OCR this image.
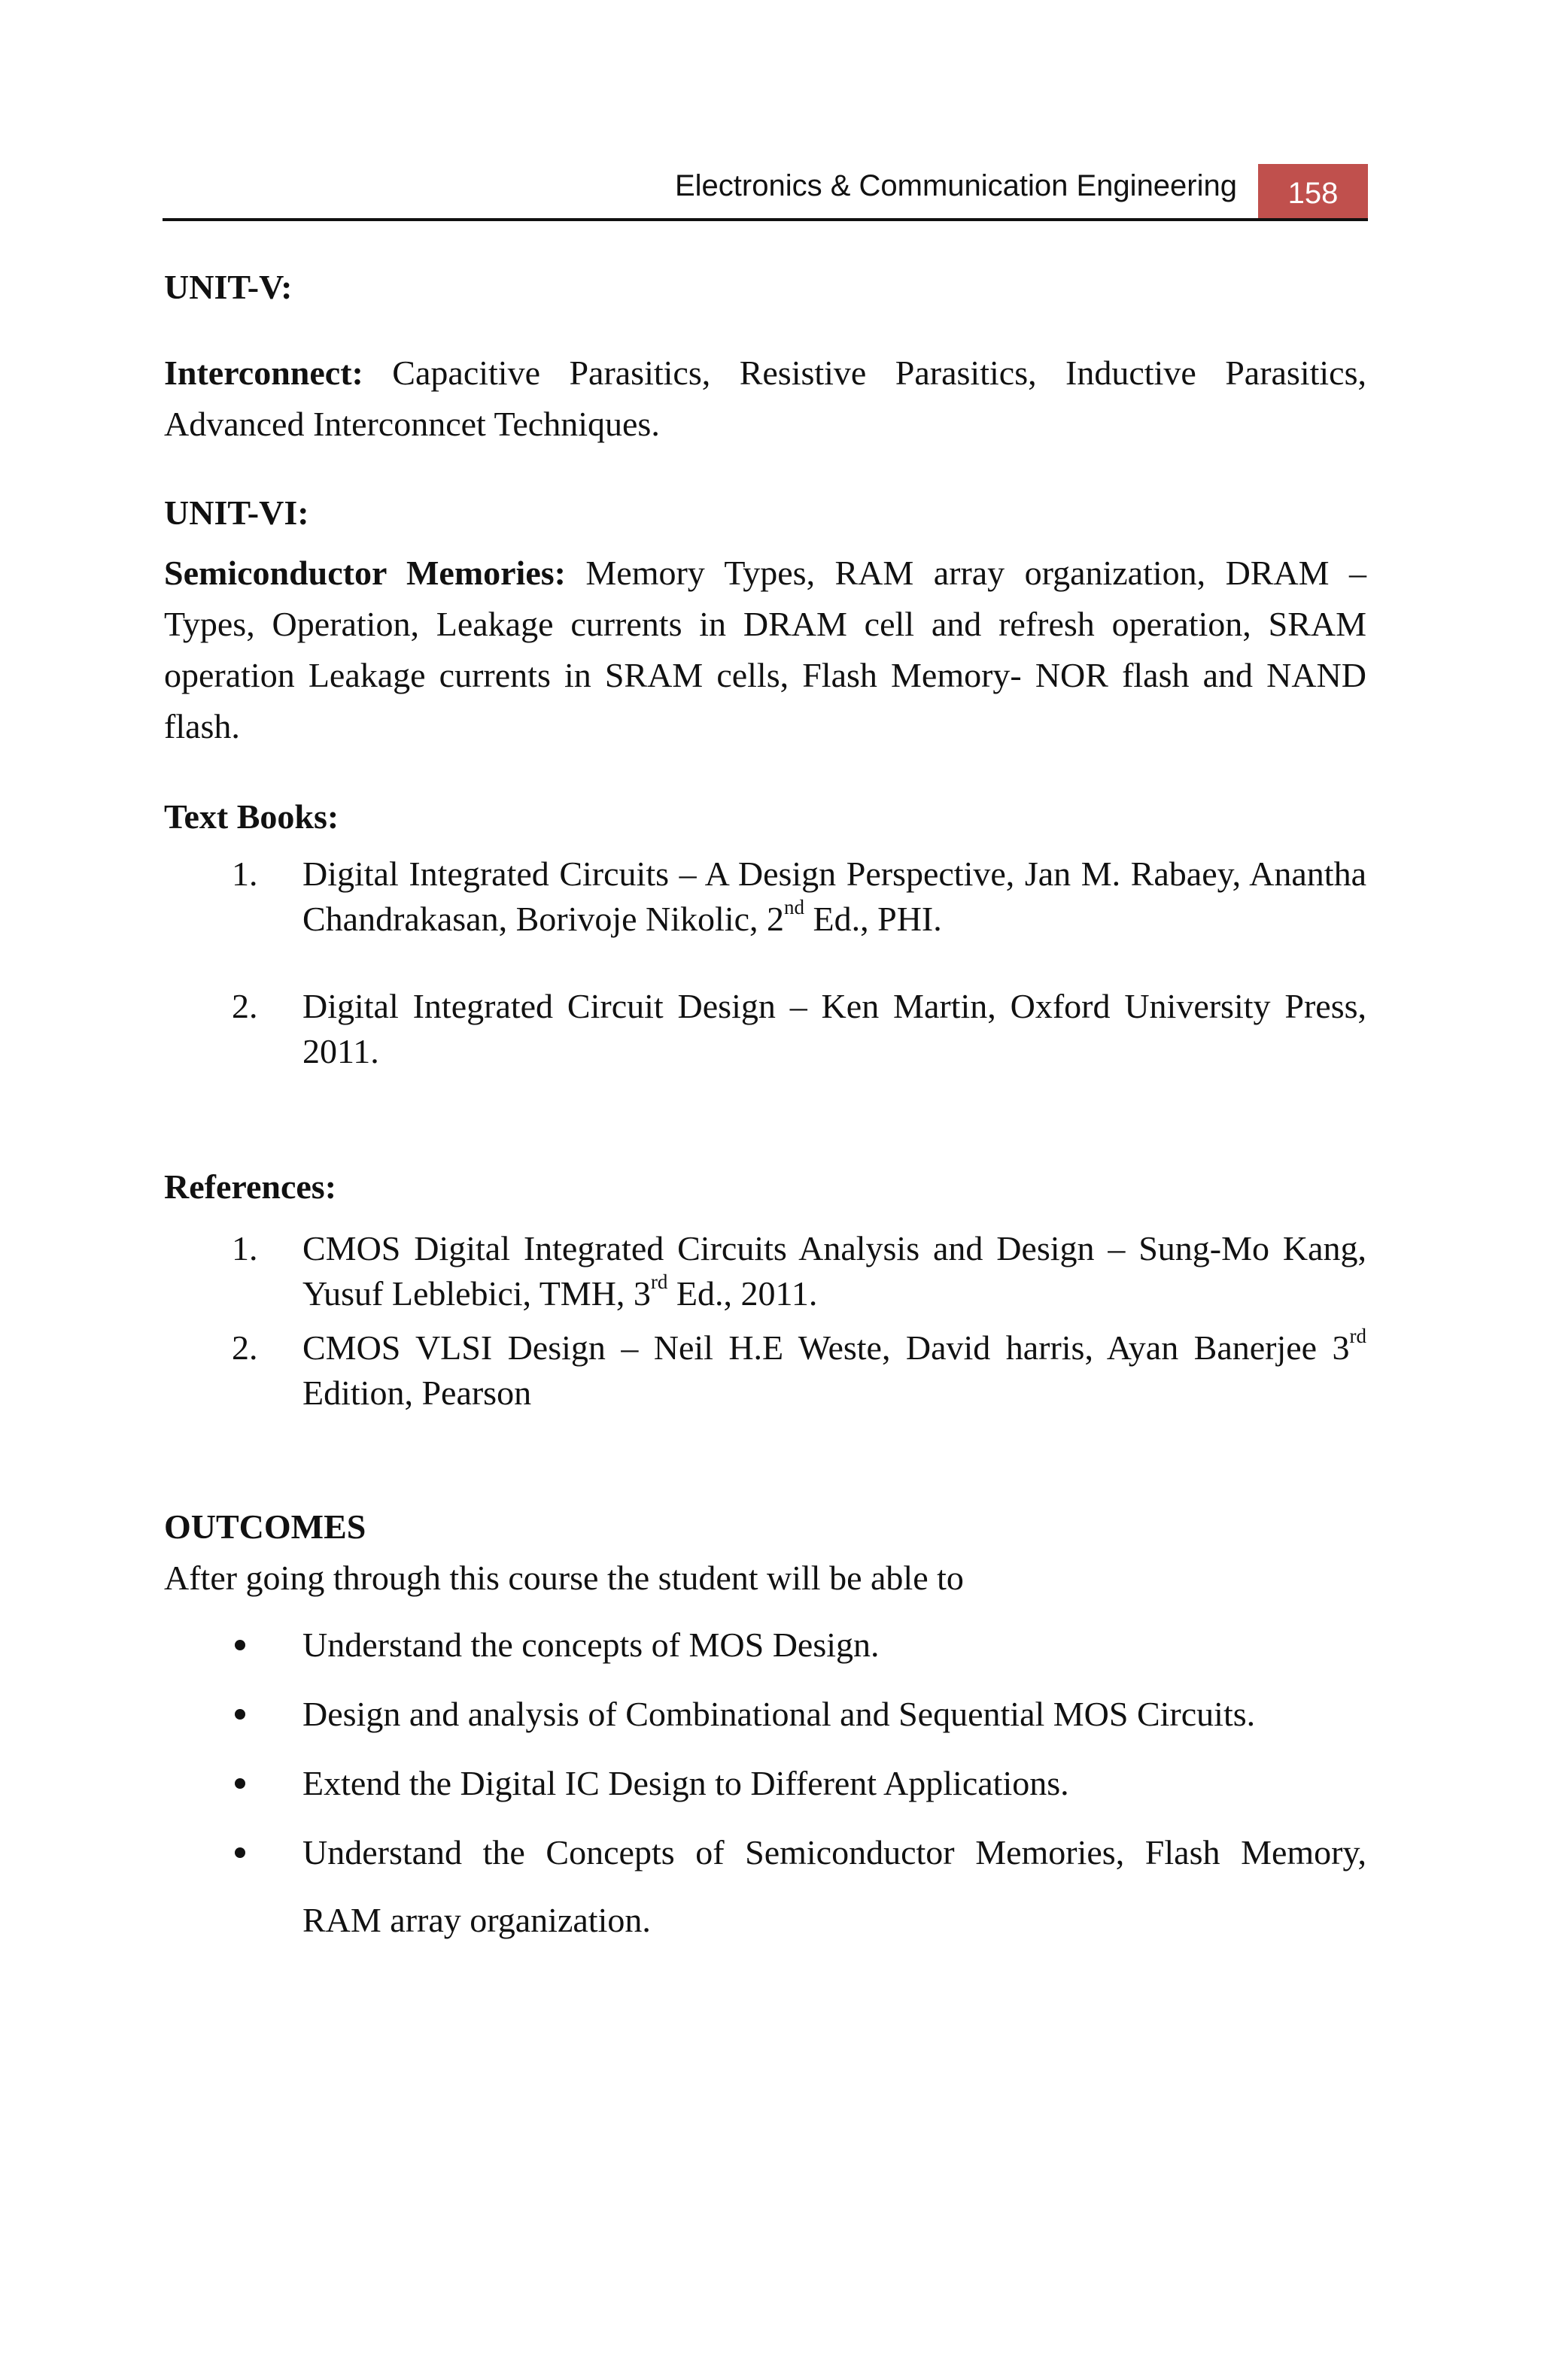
Electronics & Communication Engineering	158
UNIT-V:
Interconnect: Capacitive Parasitics, Resistive Parasitics, Inductive Parasitics, Advanced Interconncet Techniques.
UNIT-VI:
Semiconductor Memories: Memory Types, RAM array organization, DRAM – Types, Operation, Leakage currents in DRAM cell and refresh operation, SRAM operation Leakage currents in SRAM cells, Flash Memory- NOR flash and NAND flash.
Text Books:
1. Digital Integrated Circuits – A Design Perspective, Jan M. Rabaey, Anantha Chandrakasan, Borivoje Nikolic, 2nd Ed., PHI.
2. Digital Integrated Circuit Design – Ken Martin, Oxford University Press, 2011.
References:
1. CMOS Digital Integrated Circuits Analysis and Design – Sung-Mo Kang, Yusuf Leblebici, TMH, 3rd Ed., 2011.
2. CMOS VLSI Design – Neil H.E Weste, David harris, Ayan Banerjee 3rd Edition, Pearson
OUTCOMES
After going through this course the student will be able to
Understand the concepts of MOS Design.
Design and analysis of Combinational and Sequential MOS Circuits.
Extend the Digital IC Design to Different Applications.
Understand the Concepts of Semiconductor Memories, Flash Memory, RAM array organization.
